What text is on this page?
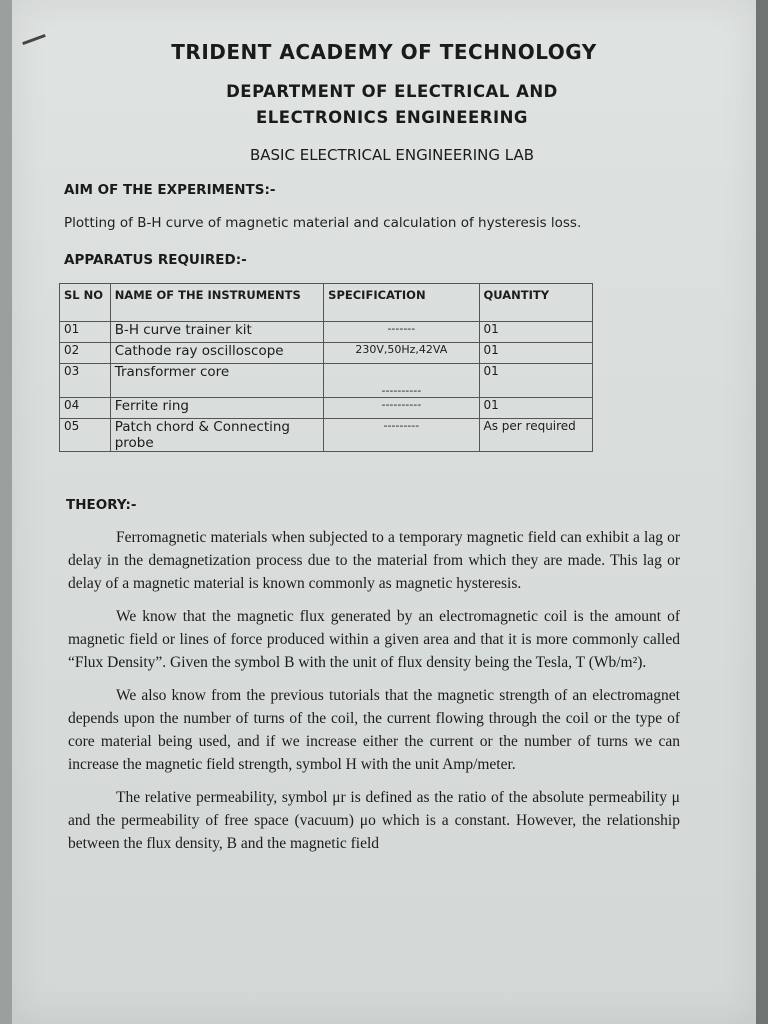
TRIDENT ACADEMY OF TECHNOLOGY
DEPARTMENT OF ELECTRICAL AND
ELECTRONICS ENGINEERING
BASIC ELECTRICAL ENGINEERING LAB
AIM OF THE EXPERIMENTS:-
Plotting of B-H curve of magnetic material and calculation of hysteresis loss.
APPARATUS REQUIRED:-
SL NO	NAME OF THE INSTRUMENTS	SPECIFICATION	QUANTITY
01	B-H curve trainer kit	-------	01
02	Cathode ray oscilloscope	230V,50Hz,42VA	01
03	Transformer core	----------	01
04	Ferrite ring	----------	01
05	Patch chord & Connecting probe	---------	As per required
THEORY:-

Ferromagnetic materials when subjected to a temporary magnetic field can exhibit a lag or delay in the demagnetization process due to the material from which they are made. This lag or delay of a magnetic material is known commonly as magnetic hysteresis.

We know that the magnetic flux generated by an electromagnetic coil is the amount of magnetic field or lines of force produced within a given area and that it is more commonly called “Flux Density”. Given the symbol B with the unit of flux density being the Tesla, T (Wb/m²).

We also know from the previous tutorials that the magnetic strength of an electromagnet depends upon the number of turns of the coil, the current flowing through the coil or the type of core material being used, and if we increase either the current or the number of turns we can increase the magnetic field strength, symbol H with the unit Amp/meter.

The relative permeability, symbol μr is defined as the ratio of the absolute permeability μ and the permeability of free space (vacuum) μo which is a constant. However, the relationship between the flux density, B and the magnetic field
